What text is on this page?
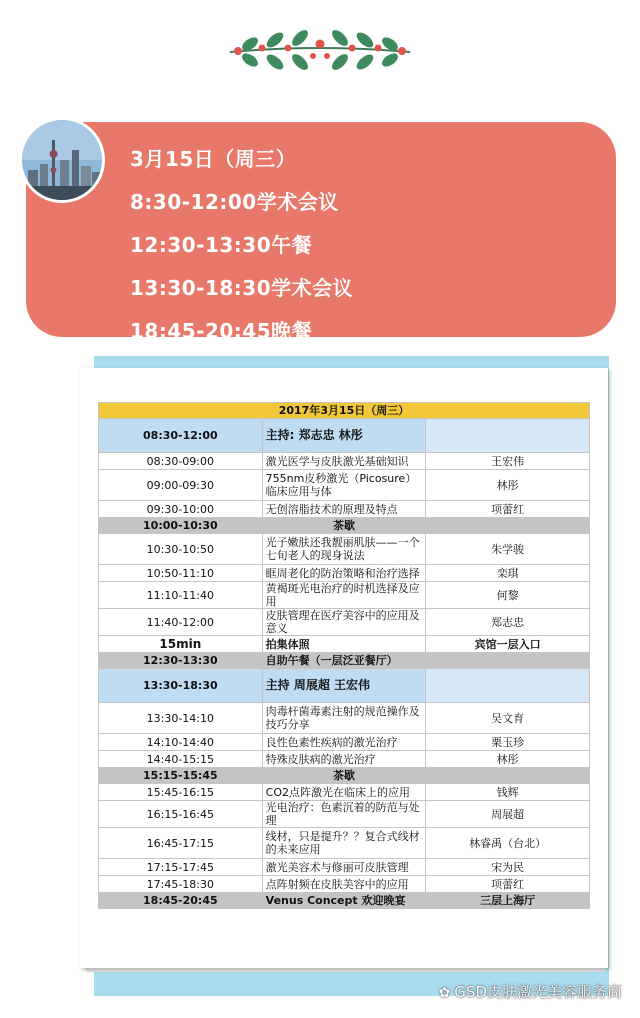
3月15日（周三）
8:30-12:00学术会议
12:30-13:30午餐
13:30-18:30学术会议
18:45-20:45晚餐
2017年3月15日（周三）		
08:30-12:00	主持: 郑志忠 林彤	
08:30-09:00	激光医学与皮肤激光基础知识	王宏伟
09:00-09:30	755nm皮秒激光（Picosure）临床应用与体	林彤
09:30-10:00	无创溶脂技术的原理及特点	项蕾红
10:00-10:30	茶歇	
10:30-10:50	光子嫩肤还我靓丽肌肤——一个七旬老人的现身说法	朱学骏
10:50-11:10	眶周老化的防治策略和治疗选择	栾琪
11:10-11:40	黄褐斑光电治疗的时机选择及应用	何黎
11:40-12:00	皮肤管理在医疗美容中的应用及意义	郑志忠
15min	拍集体照	宾馆一层入口
12:30-13:30	自助午餐（一层泛亚餐厅）	
13:30-18:30	主持 周展超 王宏伟	
13:30-14:10	肉毒杆菌毒素注射的规范操作及技巧分享	吴文育
14:10-14:40	良性色素性疾病的激光治疗	栗玉珍
14:40-15:15	特殊皮肤病的激光治疗	林彤
15:15-15:45	茶歇	
15:45-16:15	CO2点阵激光在临床上的应用	钱辉
16:15-16:45	光电治疗：色素沉着的防范与处理	周展超
16:45-17:15	线材，只是提升？？复合式线材的未来应用	林睿禹（台北）
17:15-17:45	激光美容术与修丽可皮肤管理	宋为民
17:45-18:30	点阵射频在皮肤美容中的应用	项蕾红
18:45-20:45	Venus Concept 欢迎晚宴	三层上海厅
✿ GSD皮肤激光美容服务商
